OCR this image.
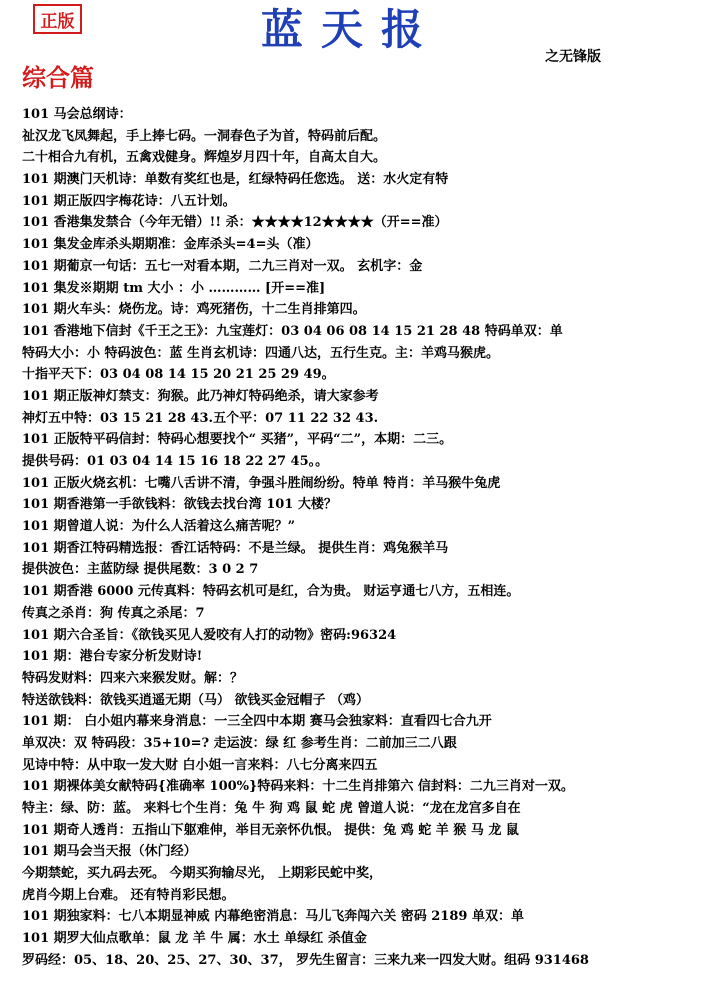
正版	蓝天报
之无锋版
综合篇
101 马会总纲诗：
祉汉龙飞凤舞起，手上捧七码。一洞春色子为首，特码前后配。
二十相合九有机，五禽戏健身。辉煌岁月四十年，自高太自大。
101 期澳门天机诗：单数有奖红也是，红绿特码任您选。 送：水火定有特
101 期正版四字梅花诗：八五计划。
101 香港集发禁合（今年无错）!! 杀：★★★★12★★★★（开==准）
101 集发金库杀头期期准：金库杀头=4=头（准）
101 期葡京一句话：五七一对看本期，二九三肖对一双。 玄机字：金
101 集发※期期 tm 大小 ：小 ………… [开==准]
101 期火车头：烧伤龙。诗：鸡死猪伤，十二生肖排第四。
101 香港地下信封《千王之王》：九宝莲灯：03 04 06 08 14 15 21 28 48 特码单双：单
特码大小：小 特码波色：蓝 生肖玄机诗：四通八达，五行生克。主：羊鸡马猴虎。
十指平天下：03 04 08 14 15 20 21 25 29 49。
101 期正版神灯禁支：狗猴。此乃神灯特码绝杀，请大家参考
神灯五中特：03 15 21 28 43.五个平：07 11 22 32 43.
101 正版特平码信封：特码心想要找个“ 买猪”，平码“二”，本期：二三。
提供号码：01 03 04 14 15 16 18 22 27 45。。
101 正版火烧玄机：七嘴八舌讲不清，争强斗胜闹纷纷。特单 特肖：羊马猴牛兔虎
101 期香港第一手欲钱料：欲钱去找台湾 101 大楼？
101 期曾道人说：为什么人活着这么痛苦呢？”
101 期香江特码精选报：香江话特码：不是兰绿。 提供生肖：鸡兔猴羊马
提供波色：主蓝防绿 提供尾数：3 0 2 7
101 期香港 6000 元传真料：特码玄机可是红，合为贵。 财运亨通七八方，五相连。
传真之杀肖：狗 传真之杀尾：7
101 期六合圣旨：《欲钱买见人爱咬有人打的动物》密码:96324
101 期：港台专家分析发财诗!
特码发财料：四来六来猴发财。解：？
特送欲钱料：欲钱买逍遥无期（马） 欲钱买金冠帽子 （鸡）
101 期： 白小姐内幕来身消息：一三全四中本期 赛马会独家料：直看四七合九开
单双决：双 特码段：35+10=? 走运波：绿 红 参考生肖：二前加三二八跟
见诗中特：从中取一发大财 白小姐一言来料：八七分离来四五
101 期裸体美女献特码{准确率 100%}特码来料：十二生肖排第六 信封料：二九三肖对一双。
特主：绿、防：蓝。 来料七个生肖：兔 牛 狗 鸡 鼠 蛇 虎 曾道人说：“龙在龙宫多自在
101 期奇人透肖：五指山下躯难伸，举目无亲怀仇恨。 提供：兔 鸡 蛇 羊 猴 马 龙 鼠
101 期马会当天报（休门经）
今期禁蛇，买九码去死。 今期买狗输尽光， 上期彩民蛇中奖，
虎肖今期上台难。 还有特肖彩民想。
101 期独家料：七八本期显神威 内幕绝密消息：马儿飞奔闯六关 密码 2189 单双：单
101 期罗大仙点歌单：鼠 龙 羊 牛 属：水土 单绿红 杀值金
罗码经：05、18、20、25、27、30、37， 罗先生留言：三来九来一四发大财。组码 931468
